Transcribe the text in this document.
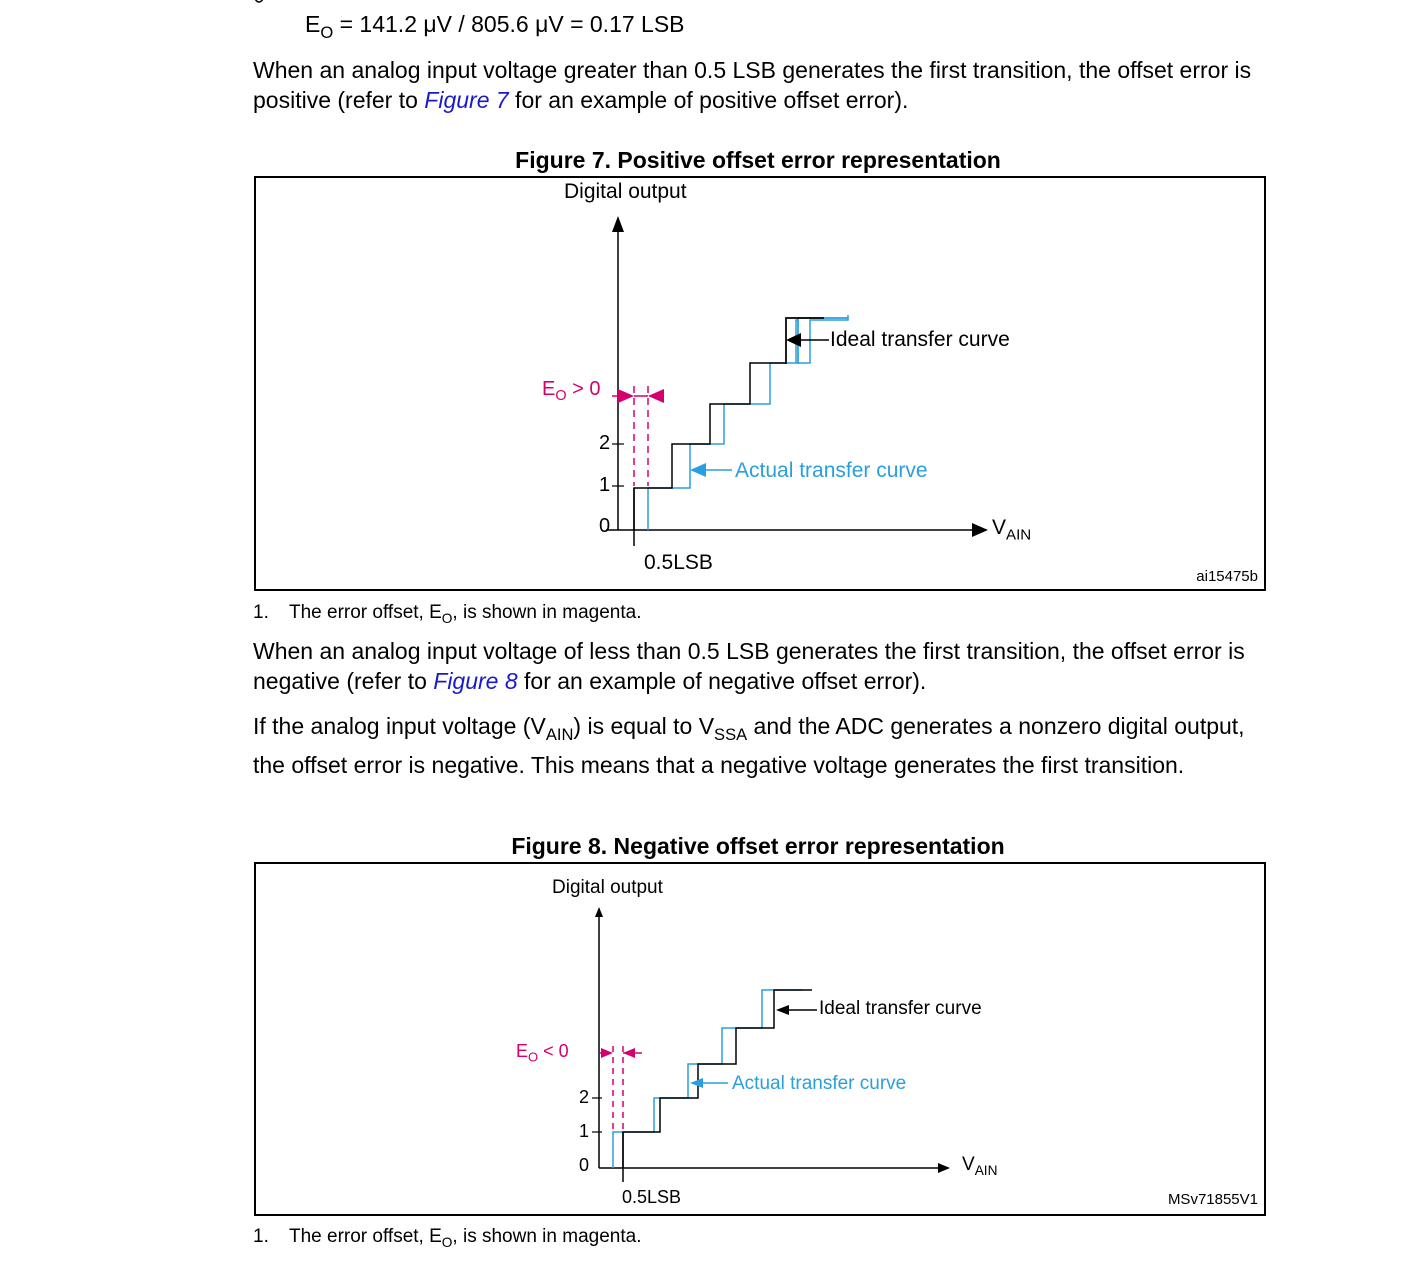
$E_O = 141.2$ μV / 805.6 μV = 0.17 LSB
When an analog input voltage greater than 0.5 LSB generates the first transition, the offset error is positive (refer to Figure 7 for an example of positive offset error).
Figure 7. Positive offset error representation
Digital output
$E_O > 0$
2
1
0
0.5LSB
$V_{AIN}$
Ideal transfer curve
Actual transfer curve
ai15475b
1. The error offset, $E_O$, is shown in magenta.
When an analog input voltage of less than 0.5 LSB generates the first transition, the offset error is negative (refer to Figure 8 for an example of negative offset error).
If the analog input voltage $(V_{AIN})$ is equal to $V_{SSA}$ and the ADC generates a nonzero digital output, the offset error is negative. This means that a negative voltage generates the first transition.
Figure 8. Negative offset error representation
Digital output
$E_O < 0$
2
1
0
0.5LSB
$V_{AIN}$
Ideal transfer curve
Actual transfer curve
MSv71855V1
1. The error offset, $E_O$, is shown in magenta.
